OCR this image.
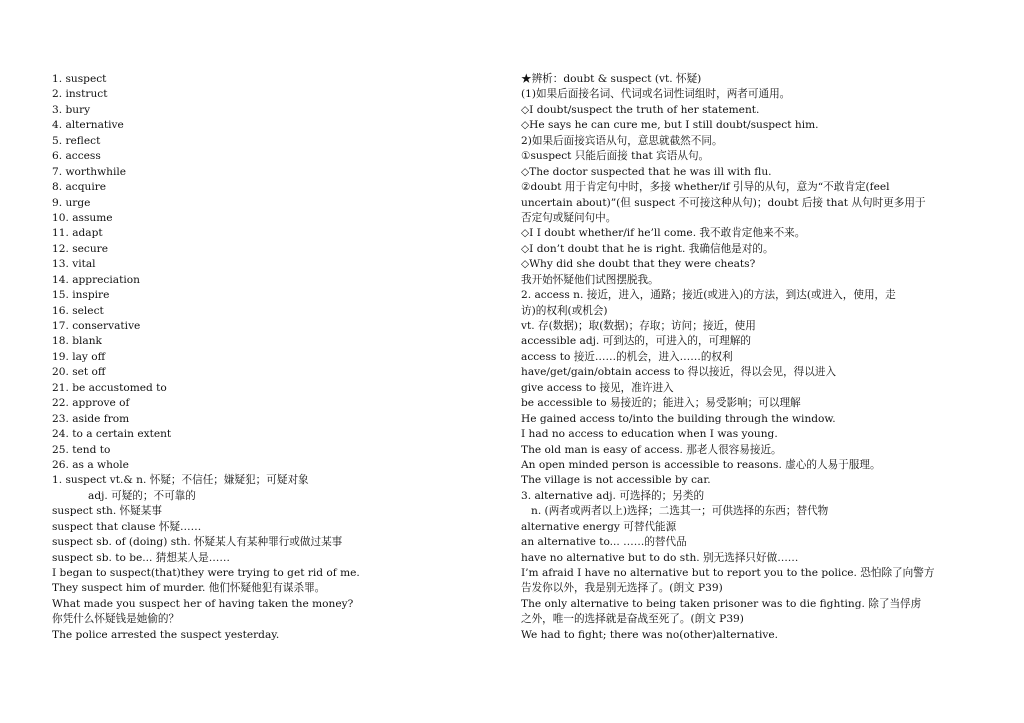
1. suspect
2. instruct
3. bury
4. alternative
5. reflect
6. access
7. worthwhile
8. acquire
9. urge
10. assume
11. adapt
12. secure
13. vital
14. appreciation
15. inspire
16. select
17. conservative
18. blank
19. lay off
20. set off
21. be accustomed to
22. approve of
23. aside from
24. to a certain extent
25. tend to
26. as a whole
1. suspect vt.& n. 怀疑；不信任；嫌疑犯；可疑对象
adj. 可疑的；不可靠的
suspect sth. 怀疑某事
suspect that clause 怀疑……
suspect sb. of (doing) sth. 怀疑某人有某种罪行或做过某事
suspect sb. to be... 猜想某人是……
I began to suspect(that)they were trying to get rid of me.
They suspect him of murder. 他们怀疑他犯有谋杀罪。
What made you suspect her of having taken the money?
你凭什么怀疑钱是她偷的？
The police arrested the suspect yesterday.
★辨析：doubt & suspect (vt. 怀疑)
(1)如果后面接名词、代词或名词性词组时，两者可通用。
◇I doubt/suspect the truth of her statement.
◇He says he can cure me, but I still doubt/suspect him.
2)如果后面接宾语从句，意思就截然不同。
①suspect 只能后面接 that 宾语从句。
◇The doctor suspected that he was ill with flu.
②doubt 用于肯定句中时，多接 whether/if 引导的从句，意为“不敢肯定(feel
uncertain about)”(但 suspect 不可接这种从句)；doubt 后接 that 从句时更多用于
否定句或疑问句中。
◇I I doubt whether/if he’ll come. 我不敢肯定他来不来。
◇I don’t doubt that he is right. 我确信他是对的。
◇Why did she doubt that they were cheats?
我开始怀疑他们试图摆脱我。
2. access n. 接近，进入，通路；接近(或进入)的方法，到达(或进入，使用，走
访)的权利(或机会)
vt. 存(数据)；取(数据)；存取；访问；接近，使用
accessible adj. 可到达的，可进入的，可理解的
access to 接近……的机会，进入……的权利
have/get/gain/obtain access to 得以接近，得以会见，得以进入
give access to 接见，准许进入
be accessible to 易接近的；能进入；易受影响；可以理解
He gained access to/into the building through the window.
I had no access to education when I was young.
The old man is easy of access. 那老人很容易接近。
An open minded person is accessible to reasons. 虚心的人易于服理。
The village is not accessible by car.
3. alternative adj. 可选择的；另类的
n. (两者或两者以上)选择；二选其一；可供选择的东西；替代物
alternative energy 可替代能源
an alternative to... ……的替代品
have no alternative but to do sth. 别无选择只好做……
I’m afraid I have no alternative but to report you to the police. 恐怕除了向警方
告发你以外，我是别无选择了。(朗文 P39)
The only alternative to being taken prisoner was to die fighting. 除了当俘虏
之外，唯一的选择就是奋战至死了。(朗文 P39)
We had to fight; there was no(other)alternative.
